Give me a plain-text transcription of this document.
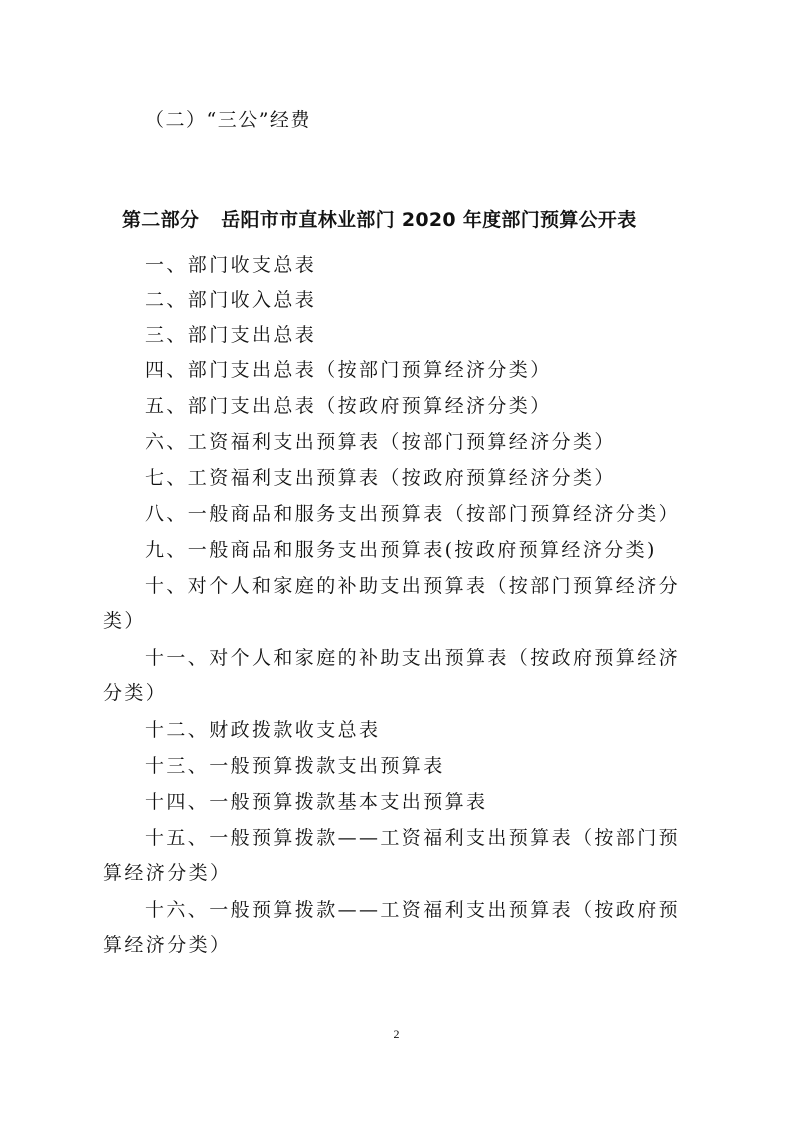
（二）“三公”经费
第二部分 岳阳市市直林业部门 2020 年度部门预算公开表
一、部门收支总表
二、部门收入总表
三、部门支出总表
四、部门支出总表（按部门预算经济分类）
五、部门支出总表（按政府预算经济分类）
六、工资福利支出预算表（按部门预算经济分类）
七、工资福利支出预算表（按政府预算经济分类）
八、一般商品和服务支出预算表（按部门预算经济分类）
九、一般商品和服务支出预算表(按政府预算经济分类)
十、对个人和家庭的补助支出预算表（按部门预算经济分
类）
十一、对个人和家庭的补助支出预算表（按政府预算经济
分类）
十二、财政拨款收支总表
十三、一般预算拨款支出预算表
十四、一般预算拨款基本支出预算表
十五、一般预算拨款——工资福利支出预算表（按部门预
算经济分类）
十六、一般预算拨款——工资福利支出预算表（按政府预
算经济分类）
2
